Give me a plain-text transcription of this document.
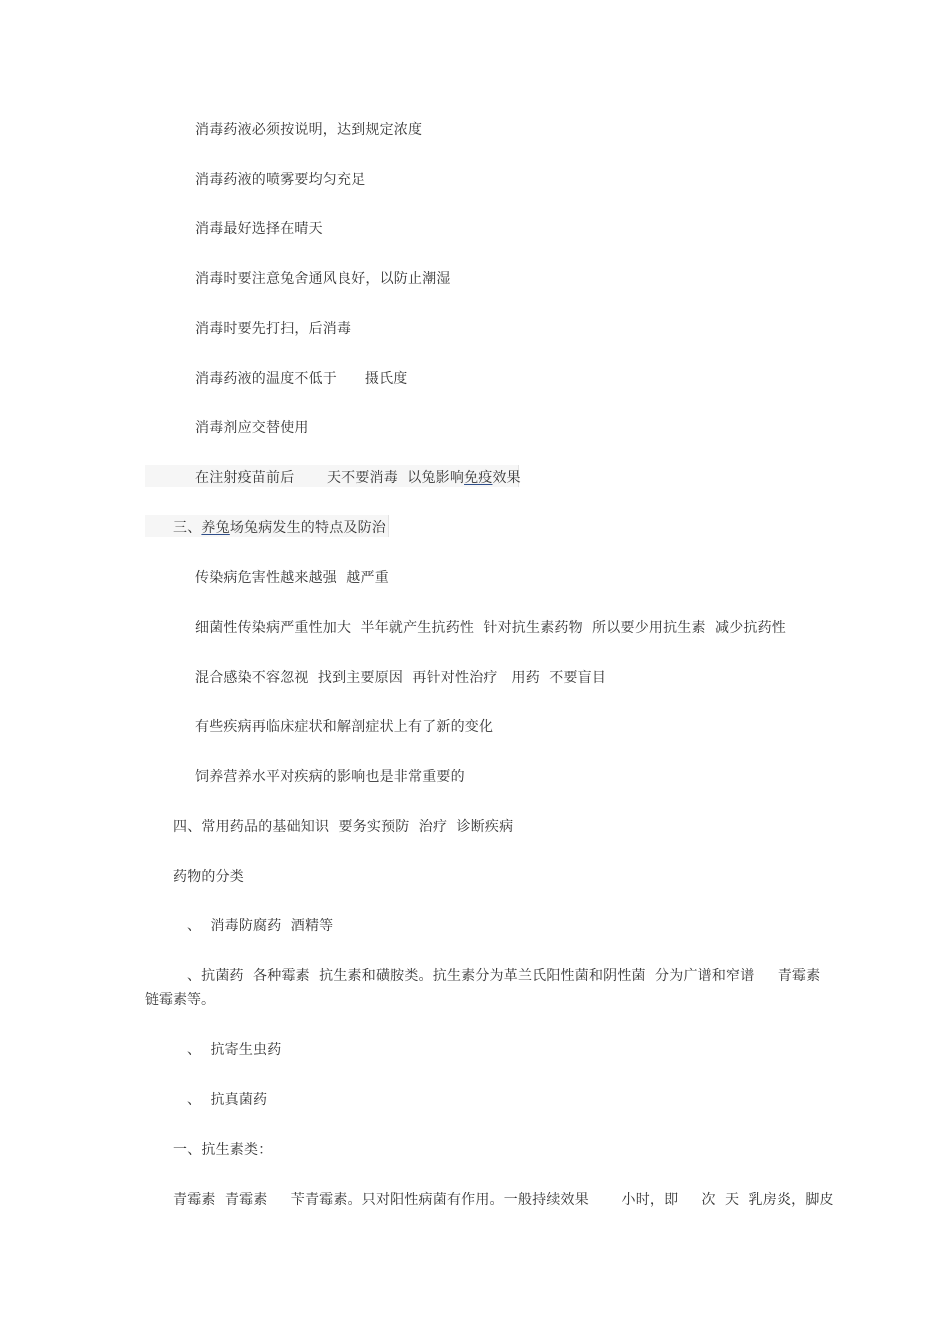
消毒药液必须按说明，达到规定浓度
消毒药液的喷雾要均匀充足
消毒最好选择在晴天
消毒时要注意兔舍通风良好，以防止潮湿
消毒时要先打扫，后消毒
消毒药液的温度不低于      摄氏度
消毒剂应交替使用
在注射疫苗前后       天不要消毒  以兔影响免疫效果
三、养兔场兔病发生的特点及防治
传染病危害性越来越强  越严重
细菌性传染病严重性加大  半年就产生抗药性  针对抗生素药物  所以要少用抗生素  减少抗药性
混合感染不容忽视  找到主要原因  再针对性治疗   用药  不要盲目
有些疾病再临床症状和解剖症状上有了新的变化
饲养营养水平对疾病的影响也是非常重要的
四、常用药品的基础知识  要务实预防  治疗  诊断疾病
药物的分类
、  消毒防腐药  酒精等
、抗菌药  各种霉素  抗生素和磺胺类。抗生素分为革兰氏阳性菌和阴性菌  分为广谱和窄谱     青霉素
链霉素等。
、  抗寄生虫药
、  抗真菌药
一、抗生素类：
青霉素  青霉素     苄青霉素。只对阳性病菌有作用。一般持续效果       小时，即     次  天  乳房炎，脚皮
